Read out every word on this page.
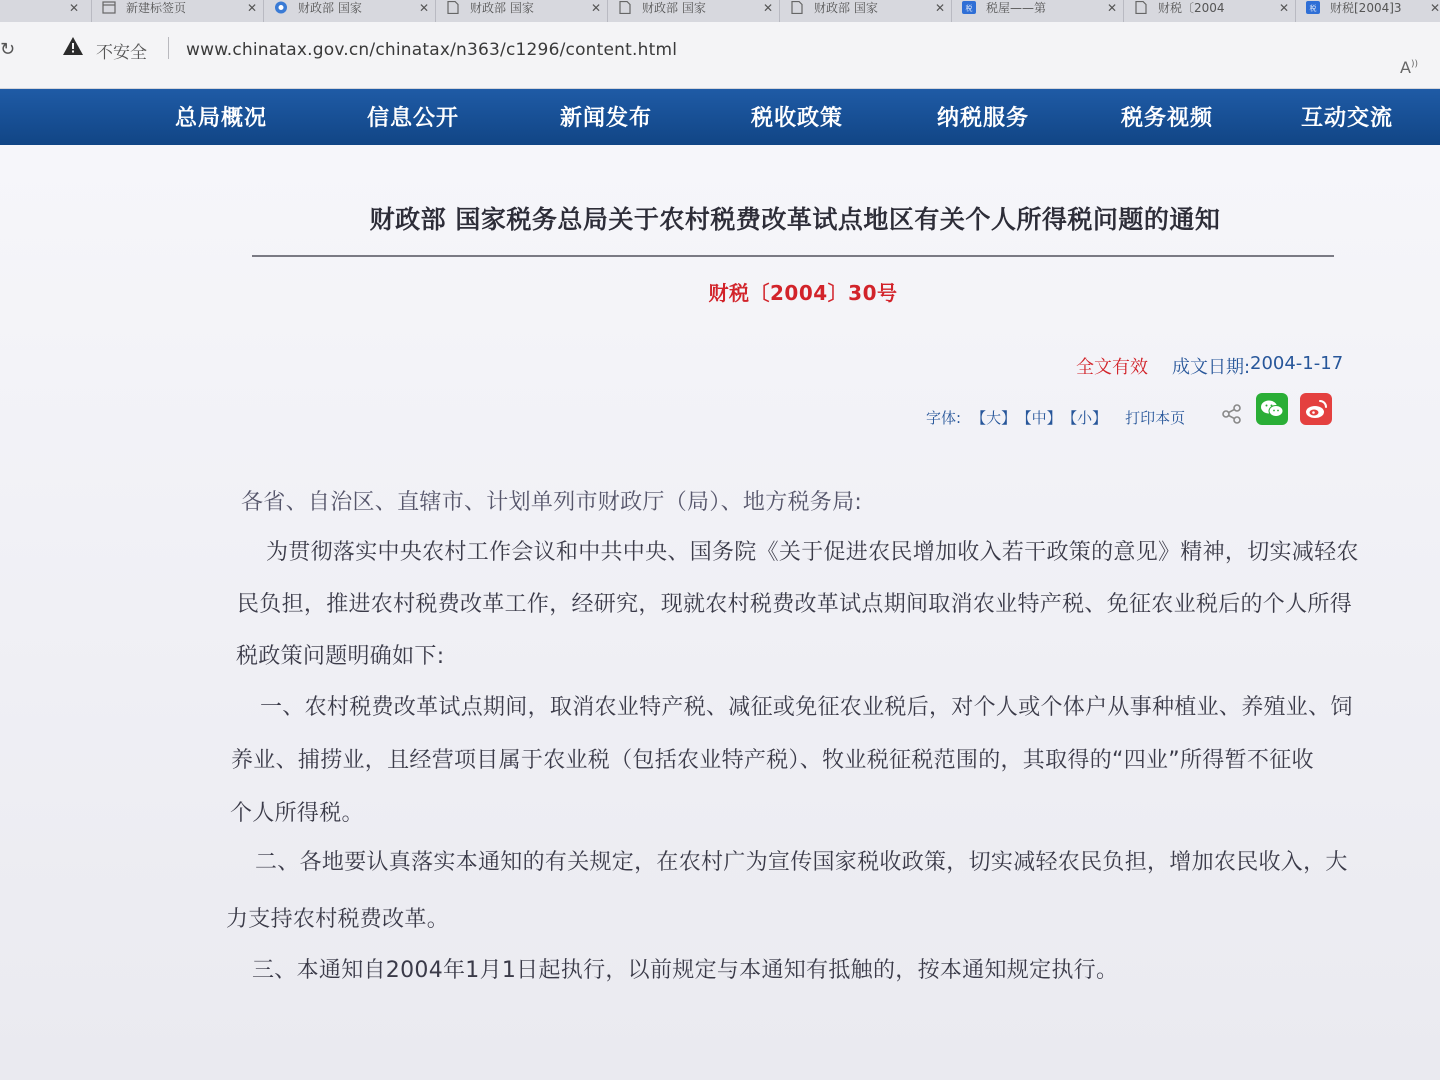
✕	新建标签页	✕	财政部 国家	✕	财政部 国家	✕	财政部 国家	✕	财政部 国家	✕	税 税屋——第	✕	财税〔2004	✕	税 财税[2004]3 ✕
↻	不安全 www.chinatax.gov.cn/chinatax/n363/c1296/content.html
A))
总局概况	信息公开	新闻发布	税收政策	纳税服务	税务视频	互动交流
财政部 国家税务总局关于农村税费改革试点地区有关个人所得税问题的通知
财税〔2004〕30号
全文有效 成文日期: 2004-1-17
字体: 【大】 【中】 【小】 打印本页
各省、自治区、直辖市、计划单列市财政厅（局）、地方税务局:
为贯彻落实中央农村工作会议和中共中央、国务院《关于促进农民增加收入若干政策的意见》精神，切实减轻农
民负担，推进农村税费改革工作，经研究，现就农村税费改革试点期间取消农业特产税、免征农业税后的个人所得
税政策问题明确如下:
一、农村税费改革试点期间，取消农业特产税、减征或免征农业税后，对个人或个体户从事种植业、养殖业、饲
养业、捕捞业，且经营项目属于农业税（包括农业特产税）、牧业税征税范围的，其取得的“四业”所得暂不征收
个人所得税。
二、各地要认真落实本通知的有关规定，在农村广为宣传国家税收政策，切实减轻农民负担，增加农民收入，大
力支持农村税费改革。
三、本通知自2004年1月1日起执行，以前规定与本通知有抵触的，按本通知规定执行。
